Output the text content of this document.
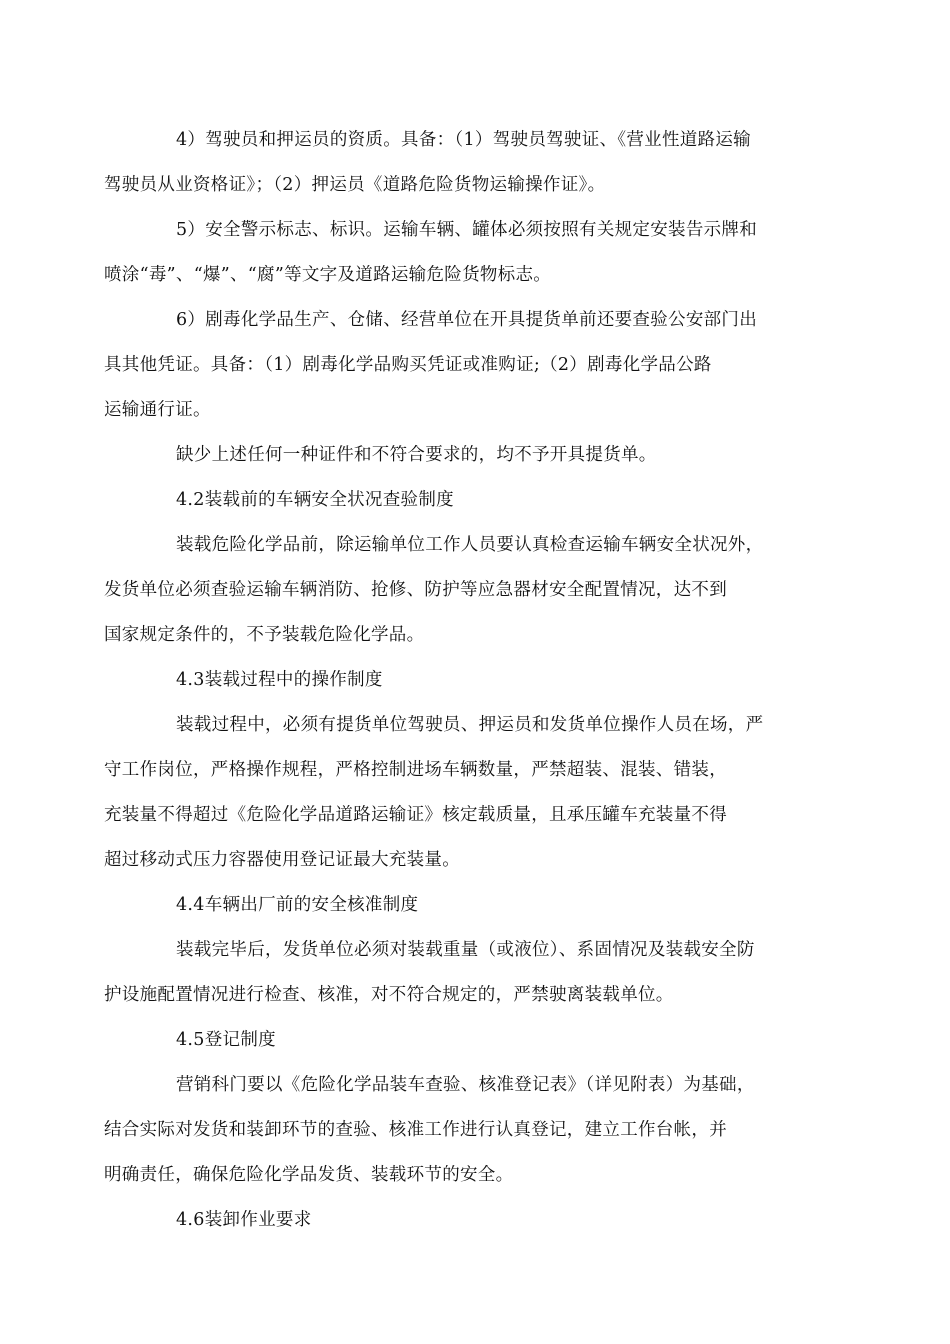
4）驾驶员和押运员的资质。具备：（1）驾驶员驾驶证、《营业性道路运输
驾驶员从业资格证》；（2）押运员《道路危险货物运输操作证》。
5）安全警示标志、标识。运输车辆、罐体必须按照有关规定安装告示牌和
喷涂“毒”、“爆”、“腐”等文字及道路运输危险货物标志。
6）剧毒化学品生产、仓储、经营单位在开具提货单前还要查验公安部门出
具其他凭证。具备：（1）剧毒化学品购买凭证或准购证;（2）剧毒化学品公路
运输通行证。
缺少上述任何一种证件和不符合要求的，均不予开具提货单。
4.2装载前的车辆安全状况查验制度
装载危险化学品前，除运输单位工作人员要认真检查运输车辆安全状况外，
发货单位必须查验运输车辆消防、抢修、防护等应急器材安全配置情况，达不到
国家规定条件的，不予装载危险化学品。
4.3装载过程中的操作制度
装载过程中，必须有提货单位驾驶员、押运员和发货单位操作人员在场，严
守工作岗位，严格操作规程，严格控制进场车辆数量，严禁超装、混装、错装，
充装量不得超过《危险化学品道路运输证》核定载质量，且承压罐车充装量不得
超过移动式压力容器使用登记证最大充装量。
4.4车辆出厂前的安全核准制度
装载完毕后，发货单位必须对装载重量（或液位）、系固情况及装载安全防
护设施配置情况进行检查、核准，对不符合规定的，严禁驶离装载单位。
4.5登记制度
营销科门要以《危险化学品装车查验、核准登记表》（详见附表）为基础，
结合实际对发货和装卸环节的查验、核准工作进行认真登记，建立工作台帐，并
明确责任，确保危险化学品发货、装载环节的安全。
4.6装卸作业要求
